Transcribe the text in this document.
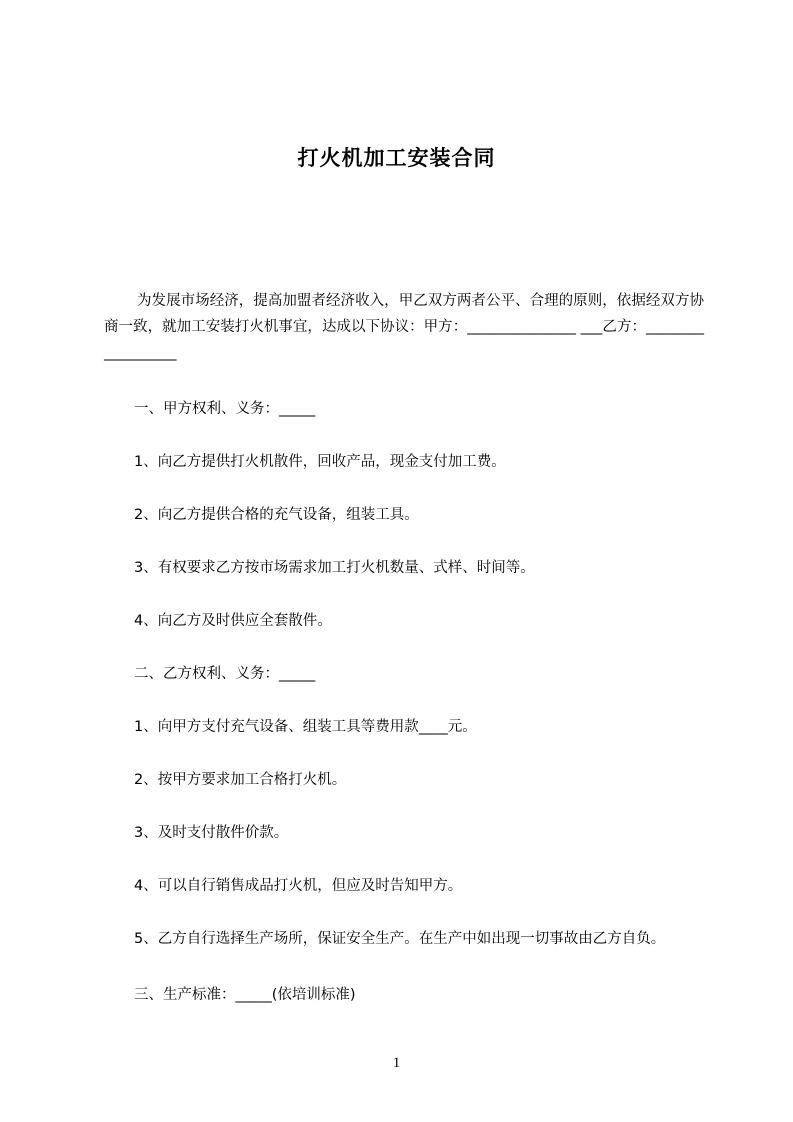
打火机加工安装合同

为发展市场经济，提高加盟者经济收入，甲乙双方两者公平、合理的原则，依据经双方协商一致，就加工安装打火机事宜，达成以下协议：甲方：_______________ ___乙方：__________________

一、甲方权利、义务：_____

1、向乙方提供打火机散件，回收产品，现金支付加工费。

2、向乙方提供合格的充气设备，组装工具。

3、有权要求乙方按市场需求加工打火机数量、式样、时间等。

4、向乙方及时供应全套散件。

二、乙方权利、义务：_____

1、向甲方支付充气设备、组装工具等费用款____元。

2、按甲方要求加工合格打火机。

3、及时支付散件价款。

4、可以自行销售成品打火机，但应及时告知甲方。

5、乙方自行选择生产场所，保证安全生产。在生产中如出现一切事故由乙方自负。

三、生产标准：_____(依培训标准)

1
